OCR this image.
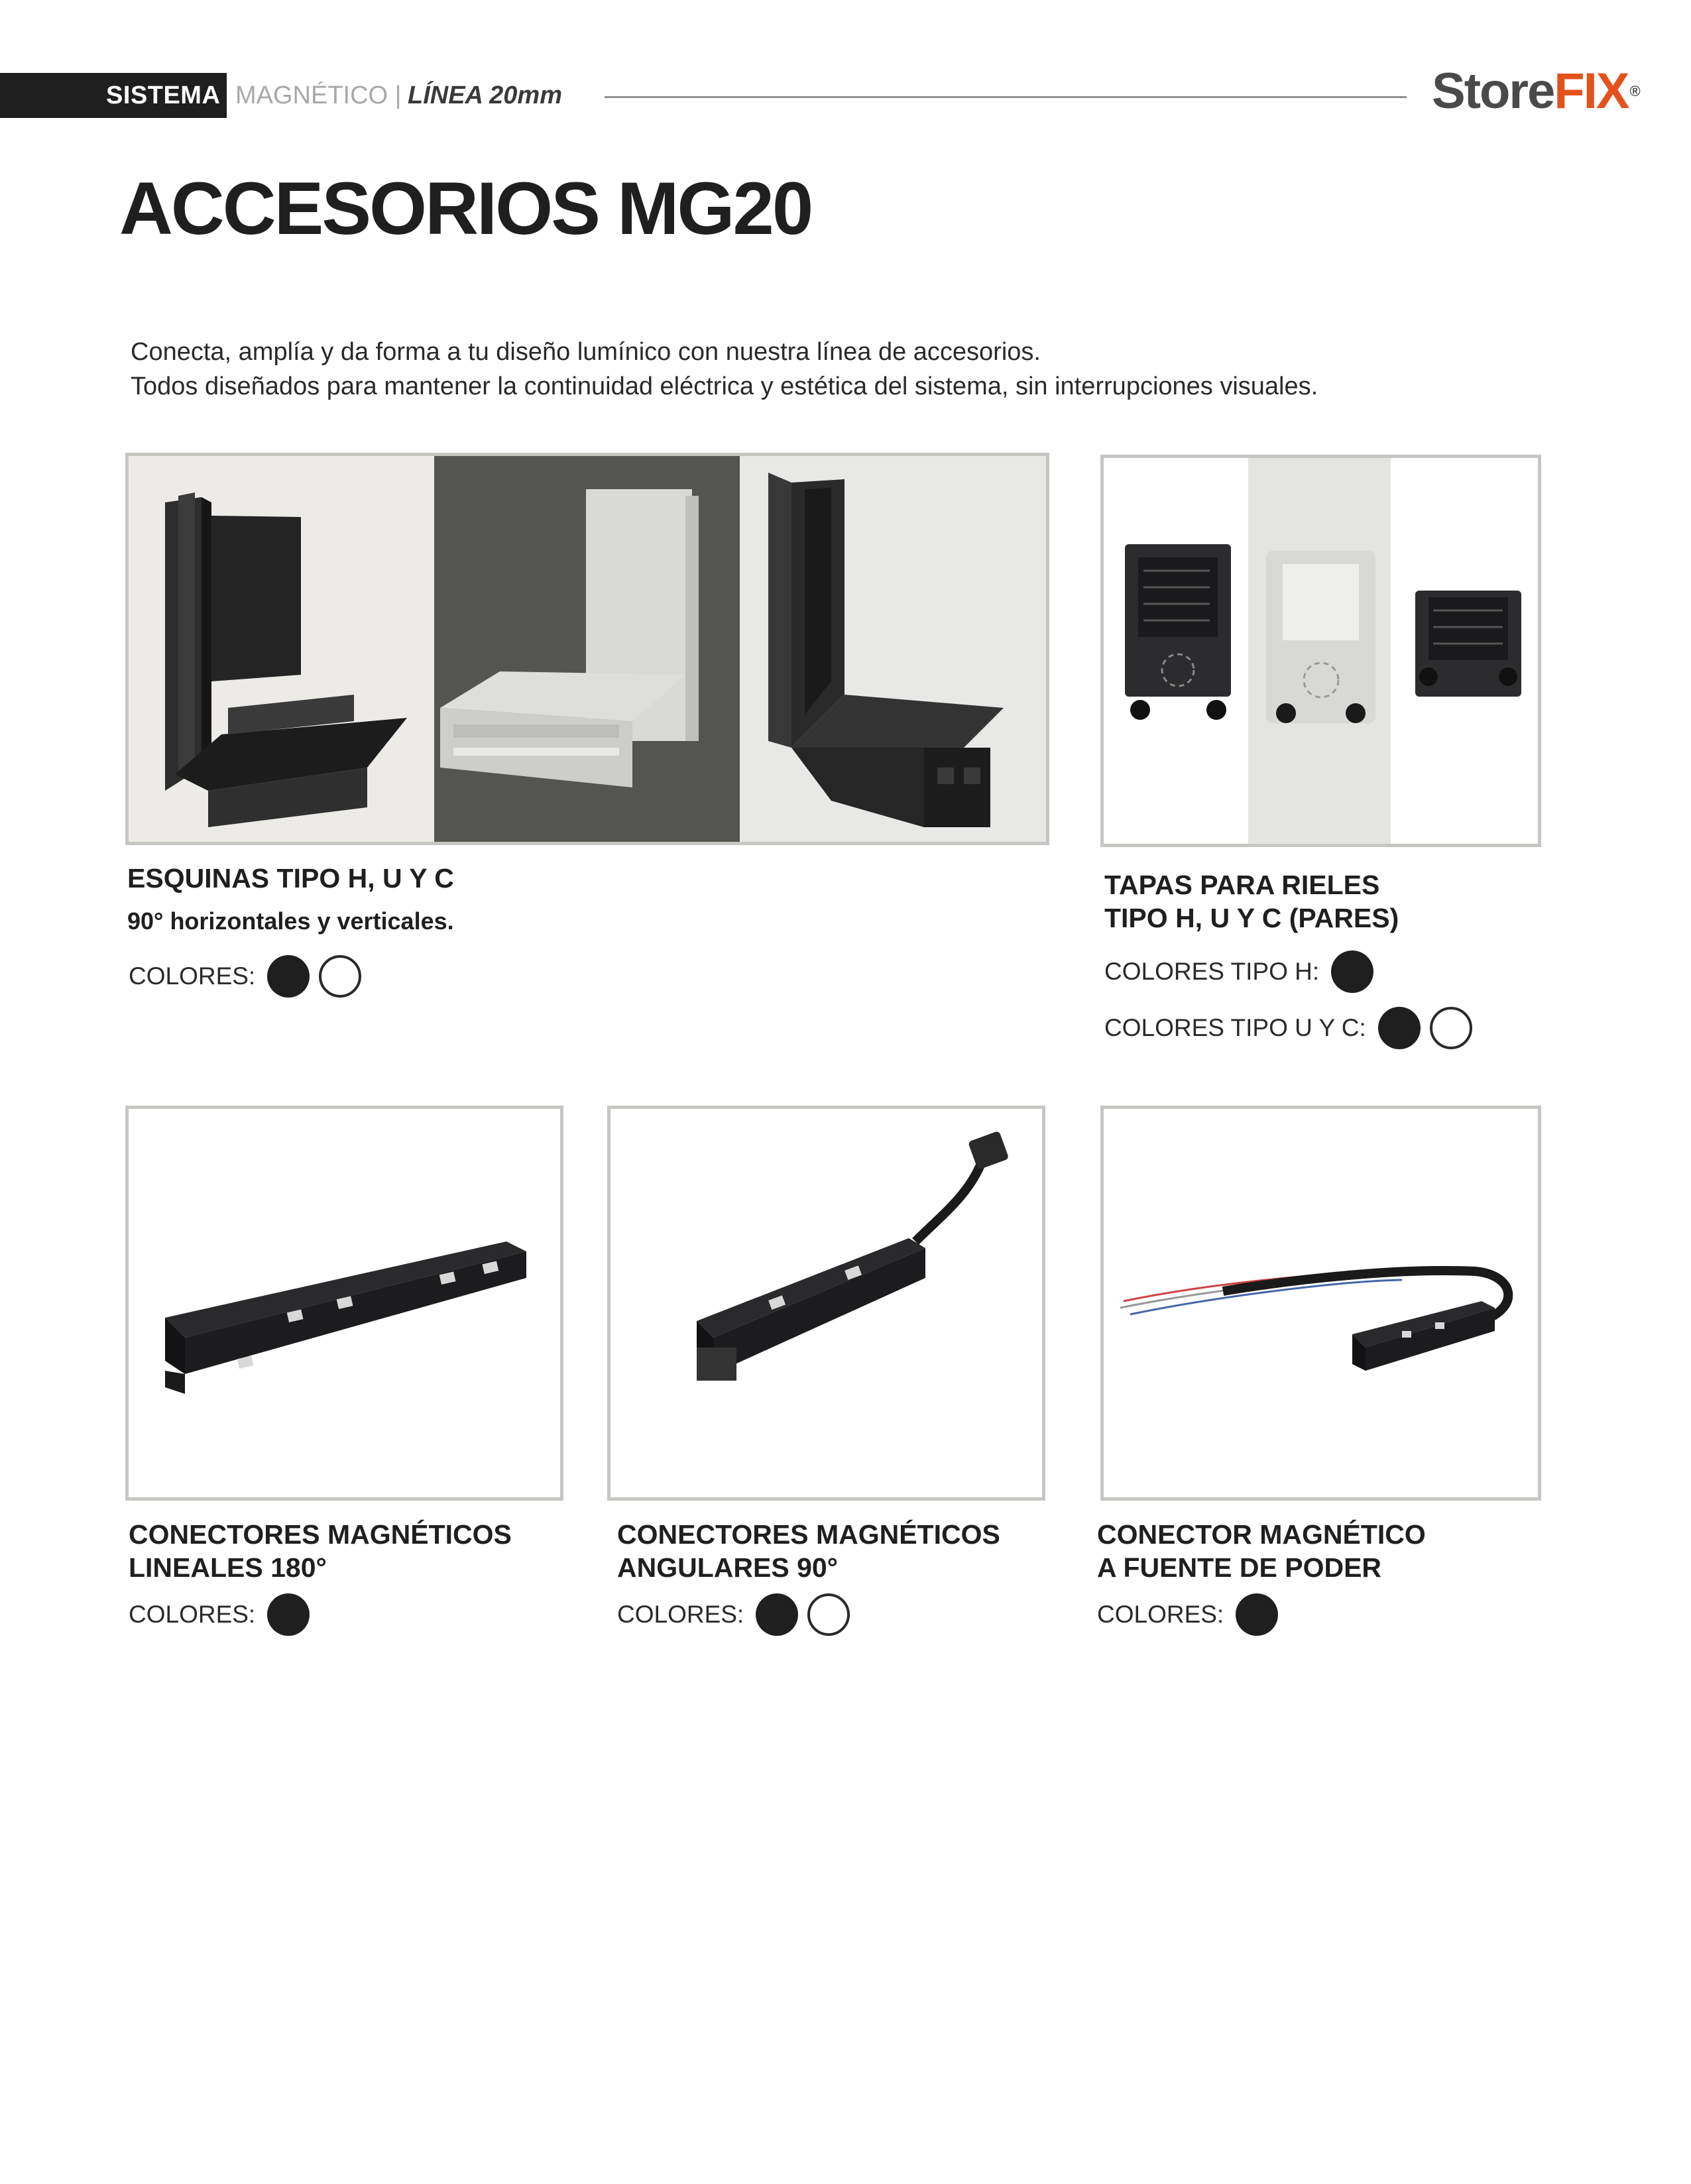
SISTEMA MAGNÉTICO | LÍNEA 20mm	StoreFIX®
ACCESORIOS MG20
Conecta, amplía y da forma a tu diseño lumínico con nuestra línea de accesorios.
Todos diseñados para mantener la continuidad eléctrica y estética del sistema, sin interrupciones visuales.
ESQUINAS TIPO H, U Y C
90° horizontales y verticales.
COLORES:
TAPAS PARA RIELES
TIPO H, U Y C (PARES)
COLORES TIPO H:
COLORES TIPO U Y C:
CONECTORES MAGNÉTICOS
LINEALES 180°
COLORES:
CONECTORES MAGNÉTICOS
ANGULARES 90°
COLORES:
CONECTOR MAGNÉTICO
A FUENTE DE PODER
COLORES:
